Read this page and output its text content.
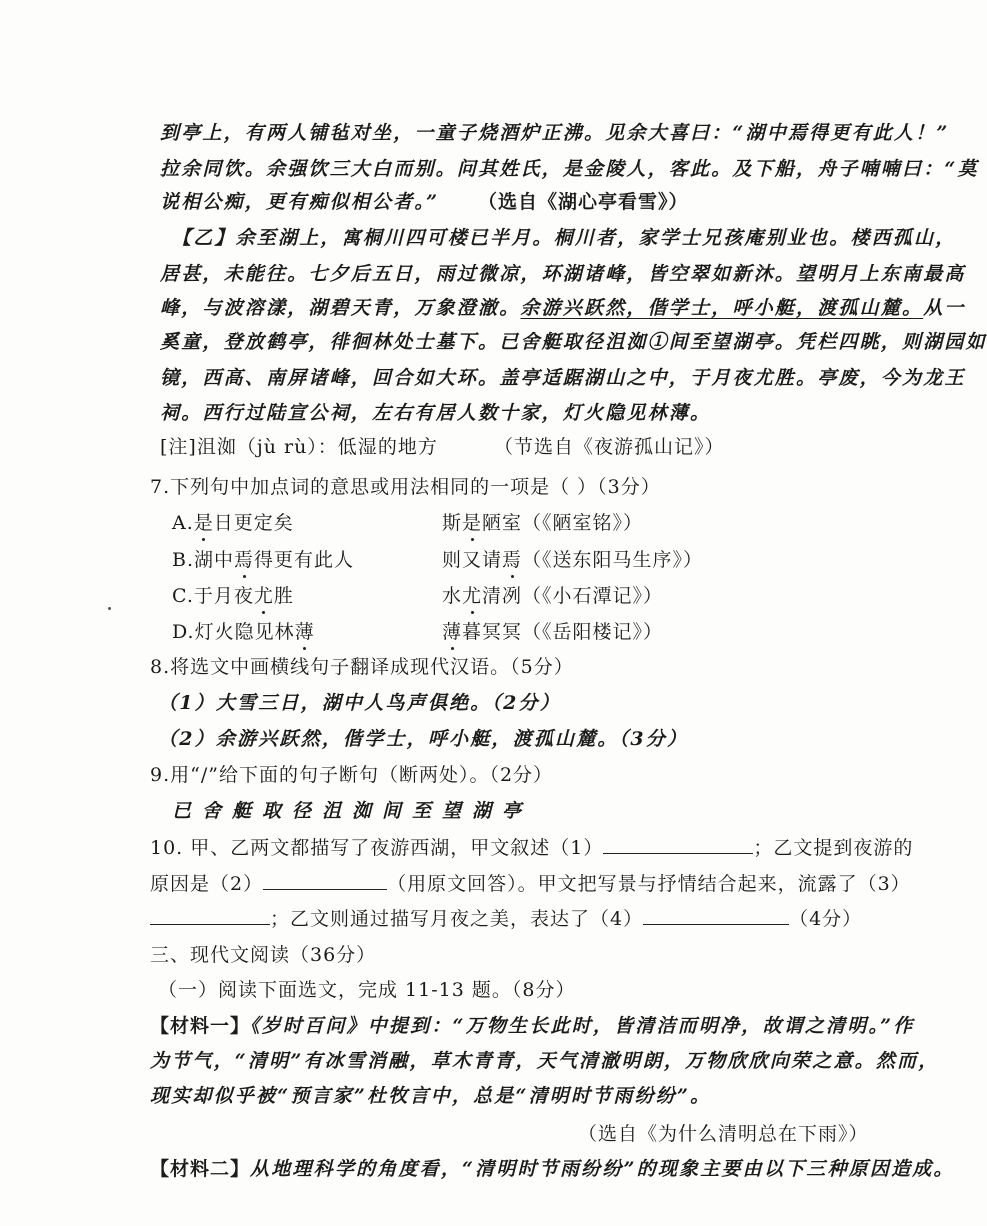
到亭上，有两人铺毡对坐，一童子烧酒炉正沸。见余大喜曰：“湖中焉得更有此人！”
拉余同饮。余强饮三大白而别。问其姓氏，是金陵人，客此。及下船，舟子喃喃曰：“莫
说相公痴，更有痴似相公者。” （选自《湖心亭看雪》）
【乙】余至湖上，寓桐川四可楼已半月。桐川者，家学士兄孩庵别业也。楼西孤山，
居甚，未能往。七夕后五日，雨过微凉，环湖诸峰，皆空翠如新沐。望明月上东南最高
峰，与波溶漾，湖碧天青，万象澄澈。余游兴跃然，偕学士，呼小艇，渡孤山麓。从一
奚童，登放鹤亭，徘徊林处士墓下。已舍艇取径沮洳①间至望湖亭。凭栏四眺，则湖园如
镜，西高、南屏诸峰，回合如大环。盖亭适踞湖山之中，于月夜尤胜。亭废，今为龙王
祠。西行过陆宣公祠，左右有居人数十家，灯火隐见林薄。
[注]沮洳（jù rù）：低湿的地方	（节选自《夜游孤山记》）
7.下列句中加点词的意思或用法相同的一项是（ ）（3分）
A.是日更定矣	斯是陋室（《陋室铭》）
B.湖中焉得更有此人	则又请焉（《送东阳马生序》）
C.于月夜尤胜	水尤清冽（《小石潭记》）
D.灯火隐见林薄	薄暮冥冥（《岳阳楼记》）
8.将选文中画横线句子翻译成现代汉语。（5分）
（1）大雪三日，湖中人鸟声俱绝。（2分）
（2）余游兴跃然，偕学士，呼小艇，渡孤山麓。（3分）
9.用“/”给下面的句子断句（断两处）。（2分）
已舍艇取径沮洳间至望湖亭
10. 甲、乙两文都描写了夜游西湖，甲文叙述（1）	；乙文提到夜游的
原因是（2）	（用原文回答）。甲文把写景与抒情结合起来，流露了（3）
；乙文则通过描写月夜之美，表达了（4）	（4分）
三、现代文阅读（36分）
（一）阅读下面选文，完成 11-13 题。（8分）
【材料一】《岁时百问》中提到：“万物生长此时，皆清洁而明净，故谓之清明。”作
为节气，“清明”有冰雪消融，草木青青，天气清澈明朗，万物欣欣向荣之意。然而，
现实却似乎被“预言家”杜牧言中，总是“清明时节雨纷纷”。
（选自《为什么清明总在下雨》）
【材料二】从地理科学的角度看，“清明时节雨纷纷”的现象主要由以下三种原因造成。
